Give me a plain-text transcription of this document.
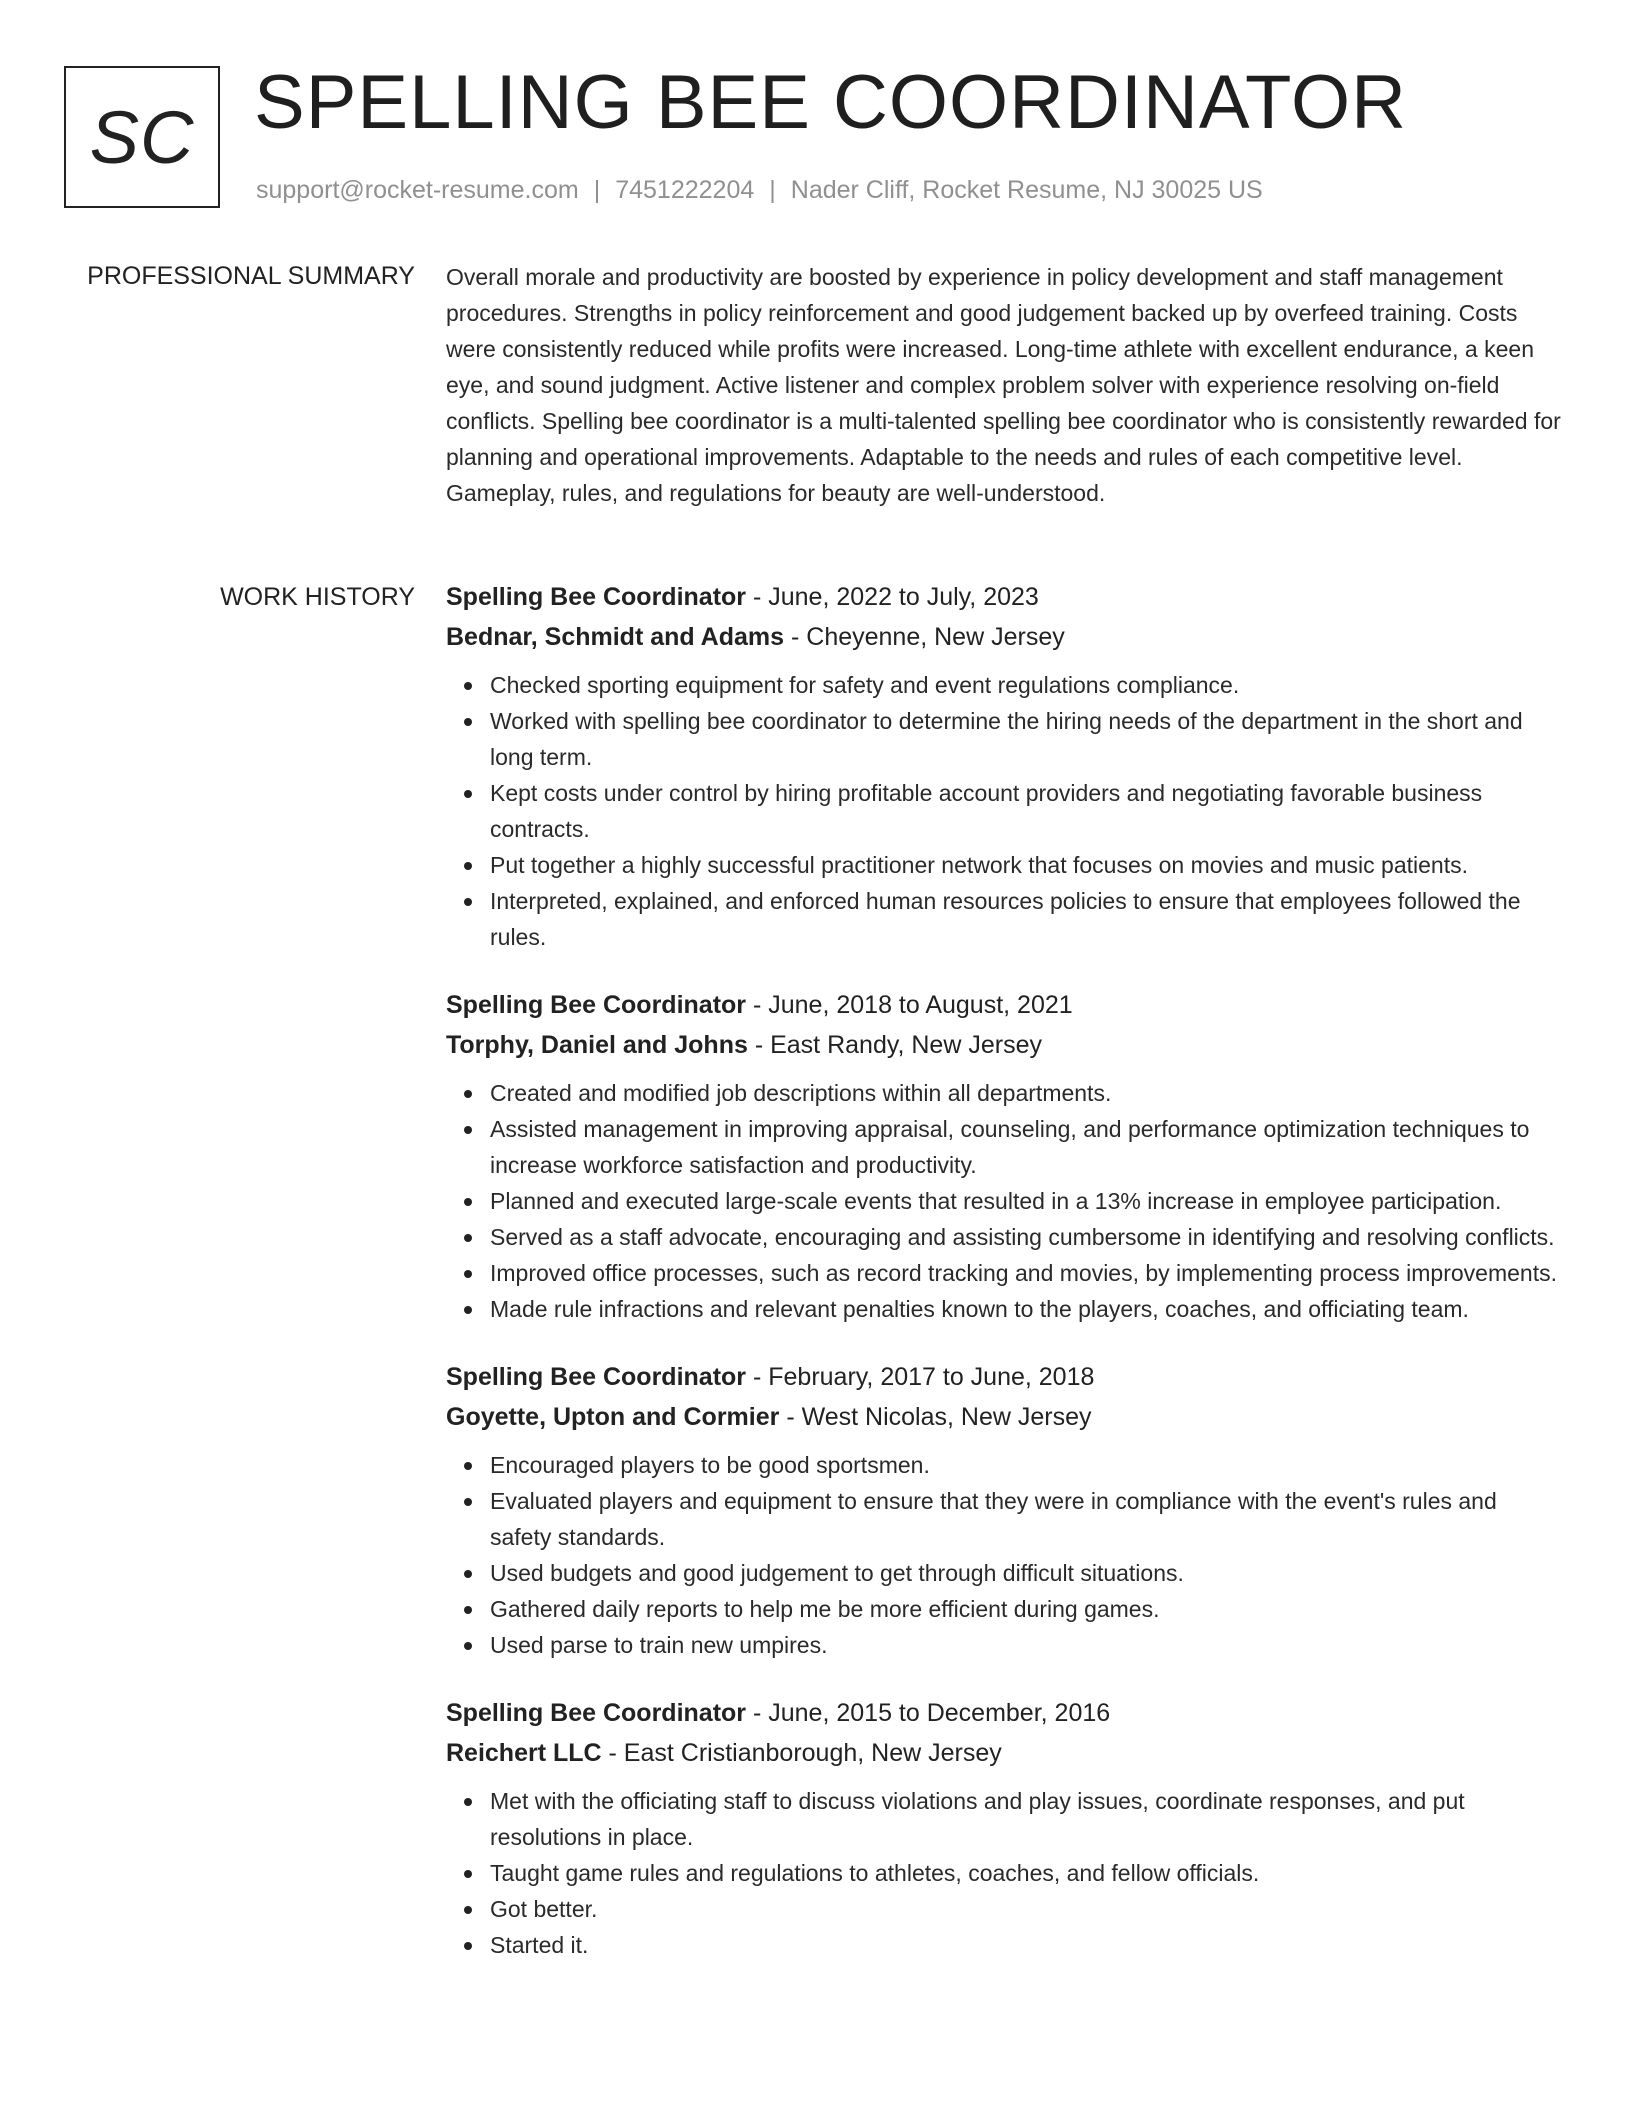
SC SPELLING BEE COORDINATOR
support@rocket-resume.com | 7451222204 | Nader Cliff, Rocket Resume, NJ 30025 US
PROFESSIONAL SUMMARY Overall morale and productivity are boosted by experience in policy development and staff management procedures. Strengths in policy reinforcement and good judgement backed up by overfeed training. Costs were consistently reduced while profits were increased. Long-time athlete with excellent endurance, a keen eye, and sound judgment. Active listener and complex problem solver with experience resolving on-field conflicts. Spelling bee coordinator is a multi-talented spelling bee coordinator who is consistently rewarded for planning and operational improvements. Adaptable to the needs and rules of each competitive level. Gameplay, rules, and regulations for beauty are well-understood.

WORK HISTORY Spelling Bee Coordinator - June, 2022 to July, 2023
Bednar, Schmidt and Adams - Cheyenne, New Jersey
Checked sporting equipment for safety and event regulations compliance.
Worked with spelling bee coordinator to determine the hiring needs of the department in the short and long term.
Kept costs under control by hiring profitable account providers and negotiating favorable business contracts.
Put together a highly successful practitioner network that focuses on movies and music patients.
Interpreted, explained, and enforced human resources policies to ensure that employees followed the rules.
Spelling Bee Coordinator - June, 2018 to August, 2021
Torphy, Daniel and Johns - East Randy, New Jersey
Created and modified job descriptions within all departments.
Assisted management in improving appraisal, counseling, and performance optimization techniques to increase workforce satisfaction and productivity.
Planned and executed large-scale events that resulted in a 13% increase in employee participation.
Served as a staff advocate, encouraging and assisting cumbersome in identifying and resolving conflicts.
Improved office processes, such as record tracking and movies, by implementing process improvements.
Made rule infractions and relevant penalties known to the players, coaches, and officiating team.
Spelling Bee Coordinator - February, 2017 to June, 2018
Goyette, Upton and Cormier - West Nicolas, New Jersey
Encouraged players to be good sportsmen.
Evaluated players and equipment to ensure that they were in compliance with the event's rules and safety standards.
Used budgets and good judgement to get through difficult situations.
Gathered daily reports to help me be more efficient during games.
Used parse to train new umpires.
Spelling Bee Coordinator - June, 2015 to December, 2016
Reichert LLC - East Cristianborough, New Jersey
Met with the officiating staff to discuss violations and play issues, coordinate responses, and put resolutions in place.
Taught game rules and regulations to athletes, coaches, and fellow officials.
Got better.
Started it.
